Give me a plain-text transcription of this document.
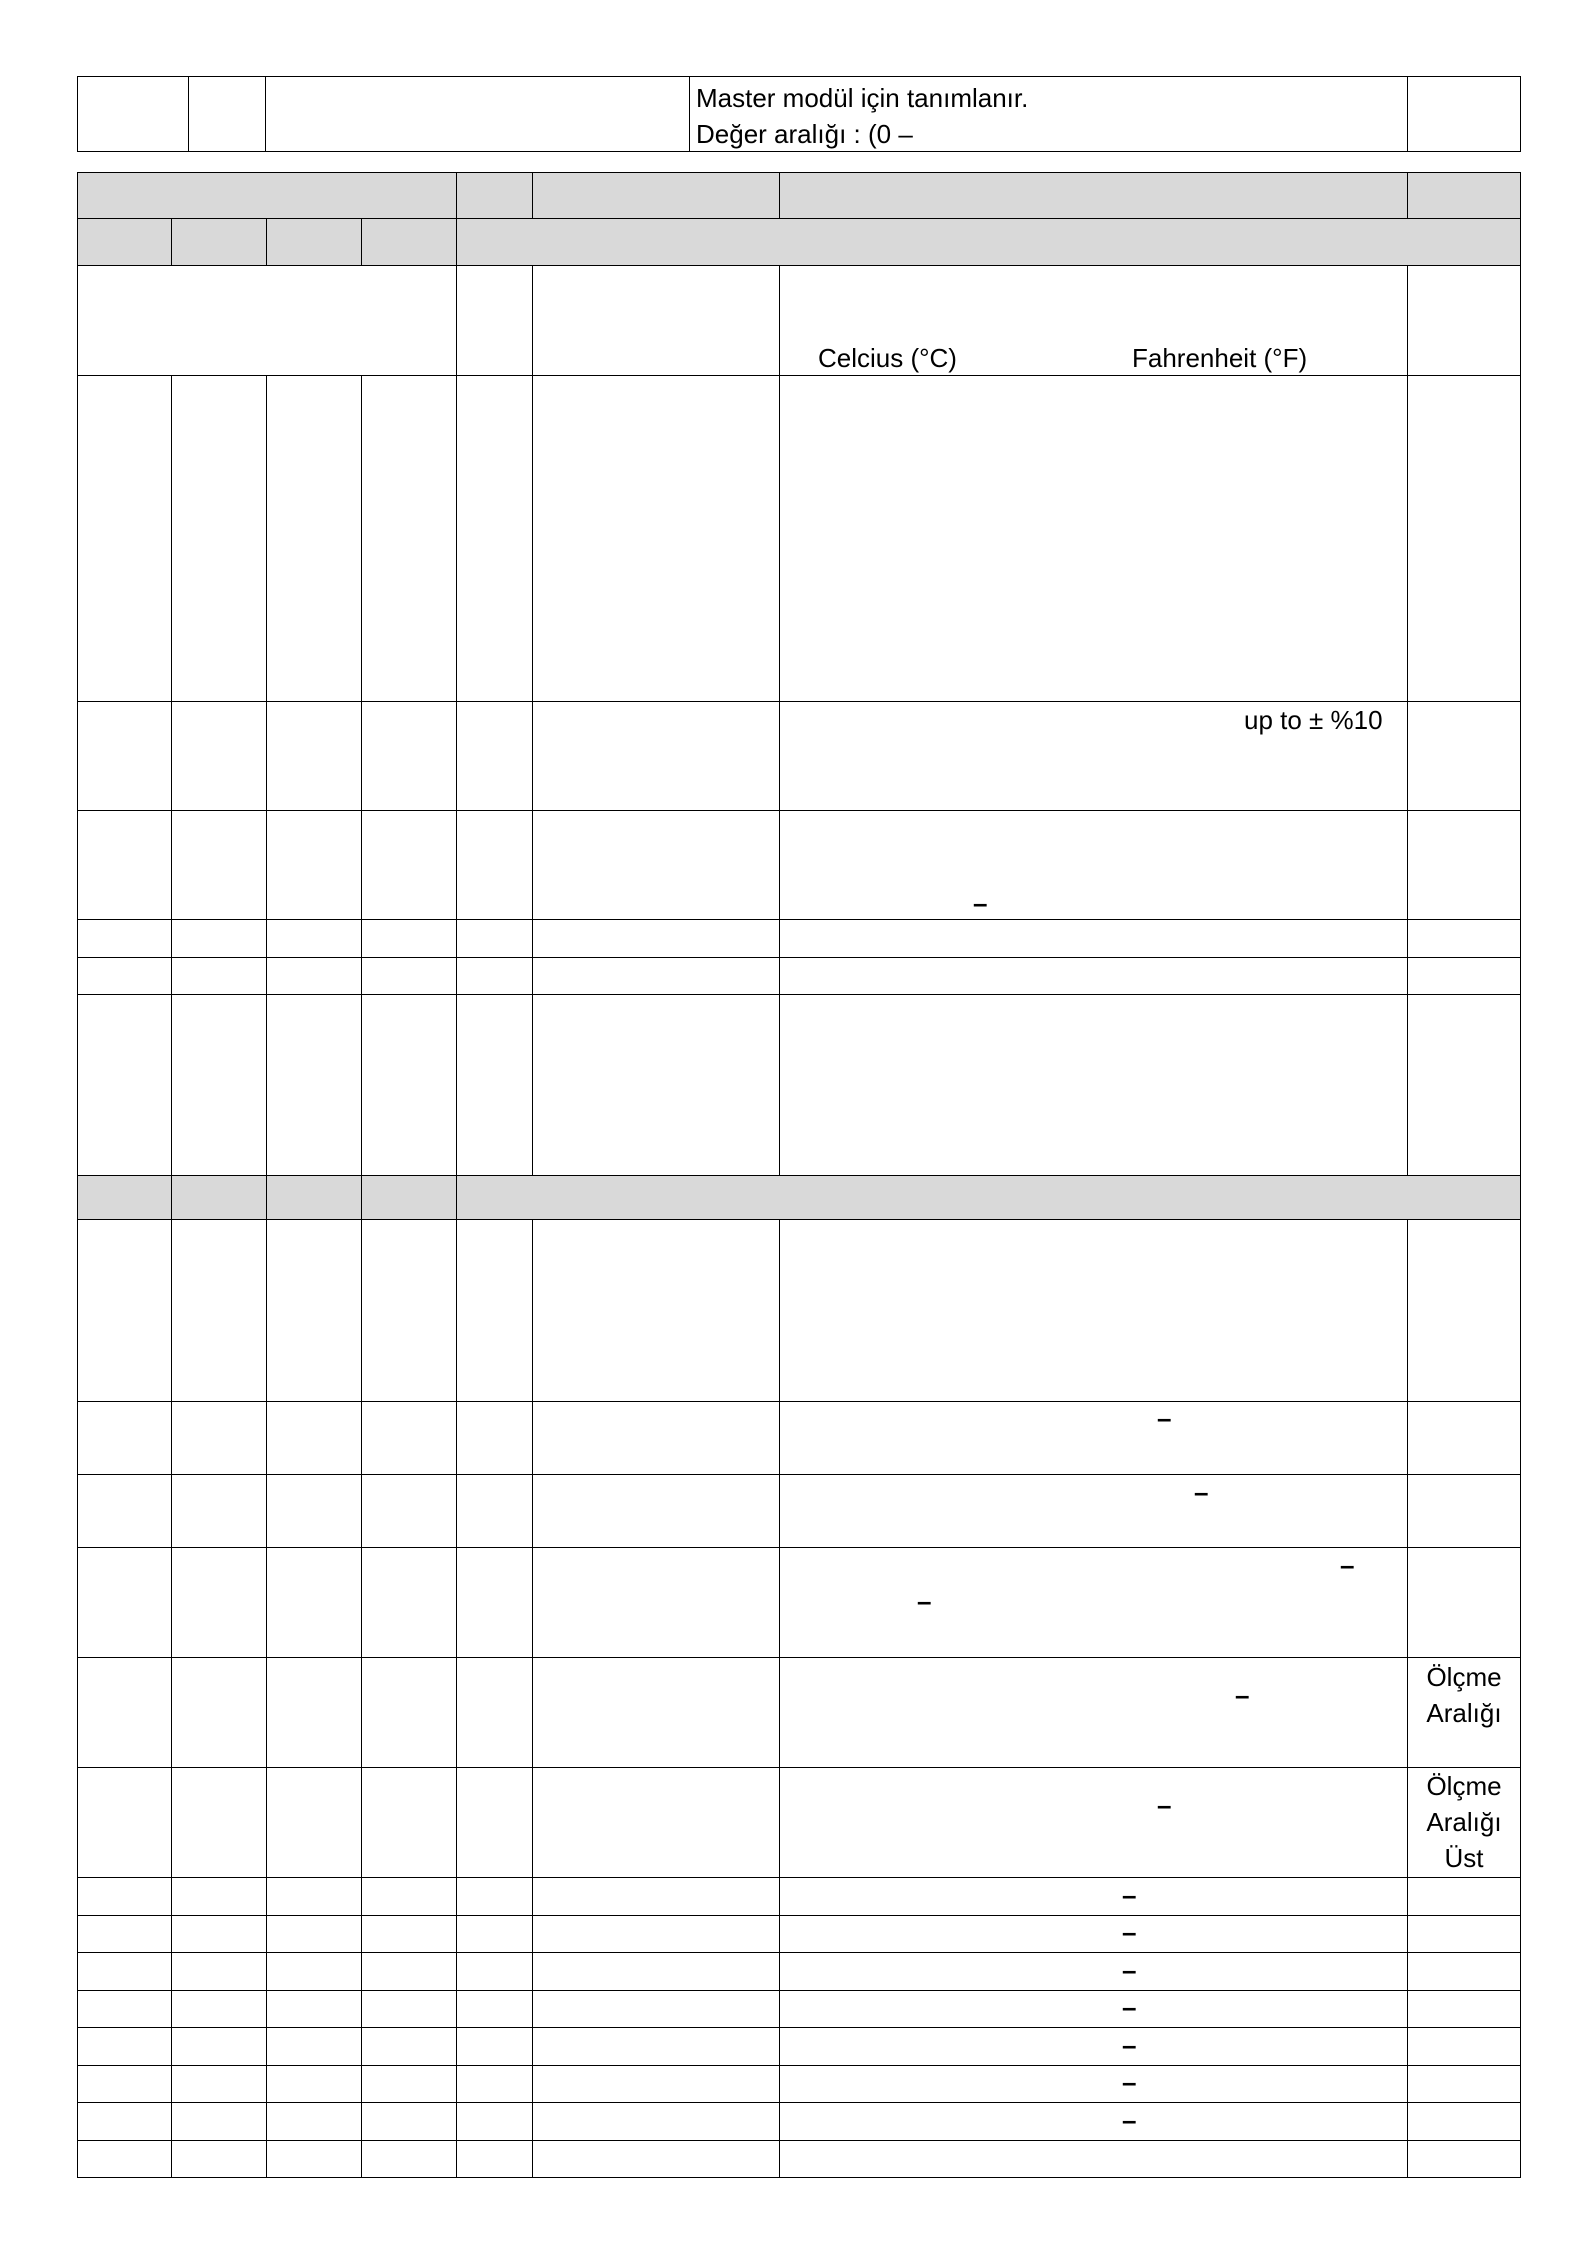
Master modül için tanımlanır.
Değer aralığı : (0 –
Celcius (°C)	Fahrenheit (°F)
up to ± %10
–
–
–
–
–
–
Ölçme
Aralığı
–
Ölçme
Aralığı
Üst
–
–
–
–
–
–
–
